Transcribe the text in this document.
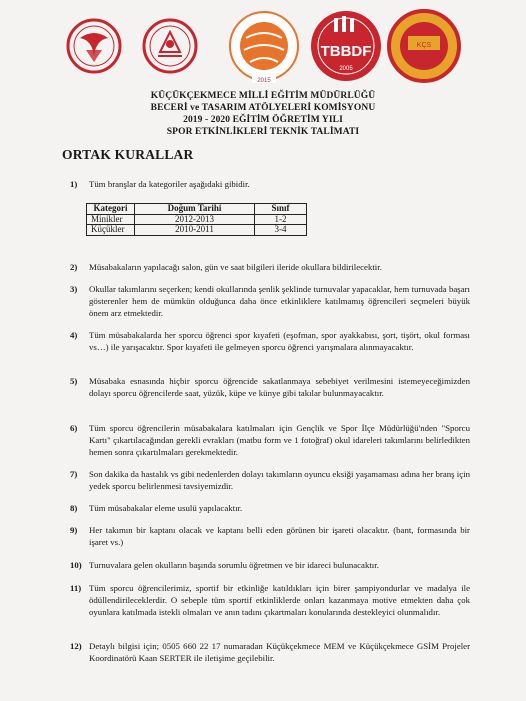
2015
TBBDF
2005
KÇS
KÜÇÜKÇEKMECE MİLLİ EĞİTİM MÜDÜRLÜĞÜ
BECERİ ve TASARIM ATÖLYELERİ KOMİSYONU
2019 - 2020 EĞİTİM ÖĞRETİM YILI
SPOR ETKİNLİKLERİ TEKNİK TALİMATI
ORTAK KURALLAR
1) Tüm branşlar da kategoriler aşağıdaki gibidir.
Kategori	Doğum Tarihi	Sınıf
Minikler	2012-2013	1-2
Küçükler	2010-2011	3-4
2) Müsabakaların yapılacağı salon, gün ve saat bilgileri ileride okullara bildirilecektir.
3) Okullar takımlarını seçerken; kendi okullarında şenlik şeklinde turnuvalar yapacaklar, hem turnuvada başarı gösterenler hem de mümkün olduğunca daha önce etkinliklere katılmamış öğrencileri seçmeleri büyük önem arz etmektedir.
4) Tüm müsabakalarda her sporcu öğrenci spor kıyafeti (eşofman, spor ayakkabısı, şort, tişört, okul forması vs…) ile yarışacaktır. Spor kıyafeti ile gelmeyen sporcu öğrenci yarışmalara alınmayacaktır.
5) Müsabaka esnasında hiçbir sporcu öğrencide sakatlanmaya sebebiyet verilmesini istemeyeceğimizden dolayı sporcu öğrencilerde saat, yüzük, küpe ve künye gibi takılar bulunmayacaktır.
6) Tüm sporcu öğrencilerin müsabakalara katılmaları için Gençlik ve Spor İlçe Müdürlüğü'nden "Sporcu Kartı" çıkartılacağından gerekli evrakları (matbu form ve 1 fotoğraf) okul idareleri takımlarını belirledikten hemen sonra çıkartılmaları gerekmektedir.
7) Son dakika da hastalık vs gibi nedenlerden dolayı takımların oyuncu eksiği yaşamaması adına her branş için yedek sporcu belirlenmesi tavsiyemizdir.
8) Tüm müsabakalar eleme usulü yapılacaktır.
9) Her takımın bir kaptanı olacak ve kaptanı belli eden görünen bir işareti olacaktır. (bant, formasında bir işaret vs.)
10) Turnuvalara gelen okulların başında sorumlu öğretmen ve bir idareci bulunacaktır.
11) Tüm sporcu öğrencilerimiz, sportif bir etkinliğe katıldıkları için birer şampiyondurlar ve madalya ile ödüllendirileceklerdir. O sebeple tüm sportif etkinliklerde onları kazanmaya motive etmekten daha çok oyunlara katılmada istekli olmaları ve anın tadını çıkartmaları konularında destekleyici olunmalıdır.
12) Detaylı bilgisi için; 0505 660 22 17 numaradan Küçükçekmece MEM ve Küçükçekmece GSİM Projeler Koordinatörü Kaan SERTER ile iletişime geçilebilir.
